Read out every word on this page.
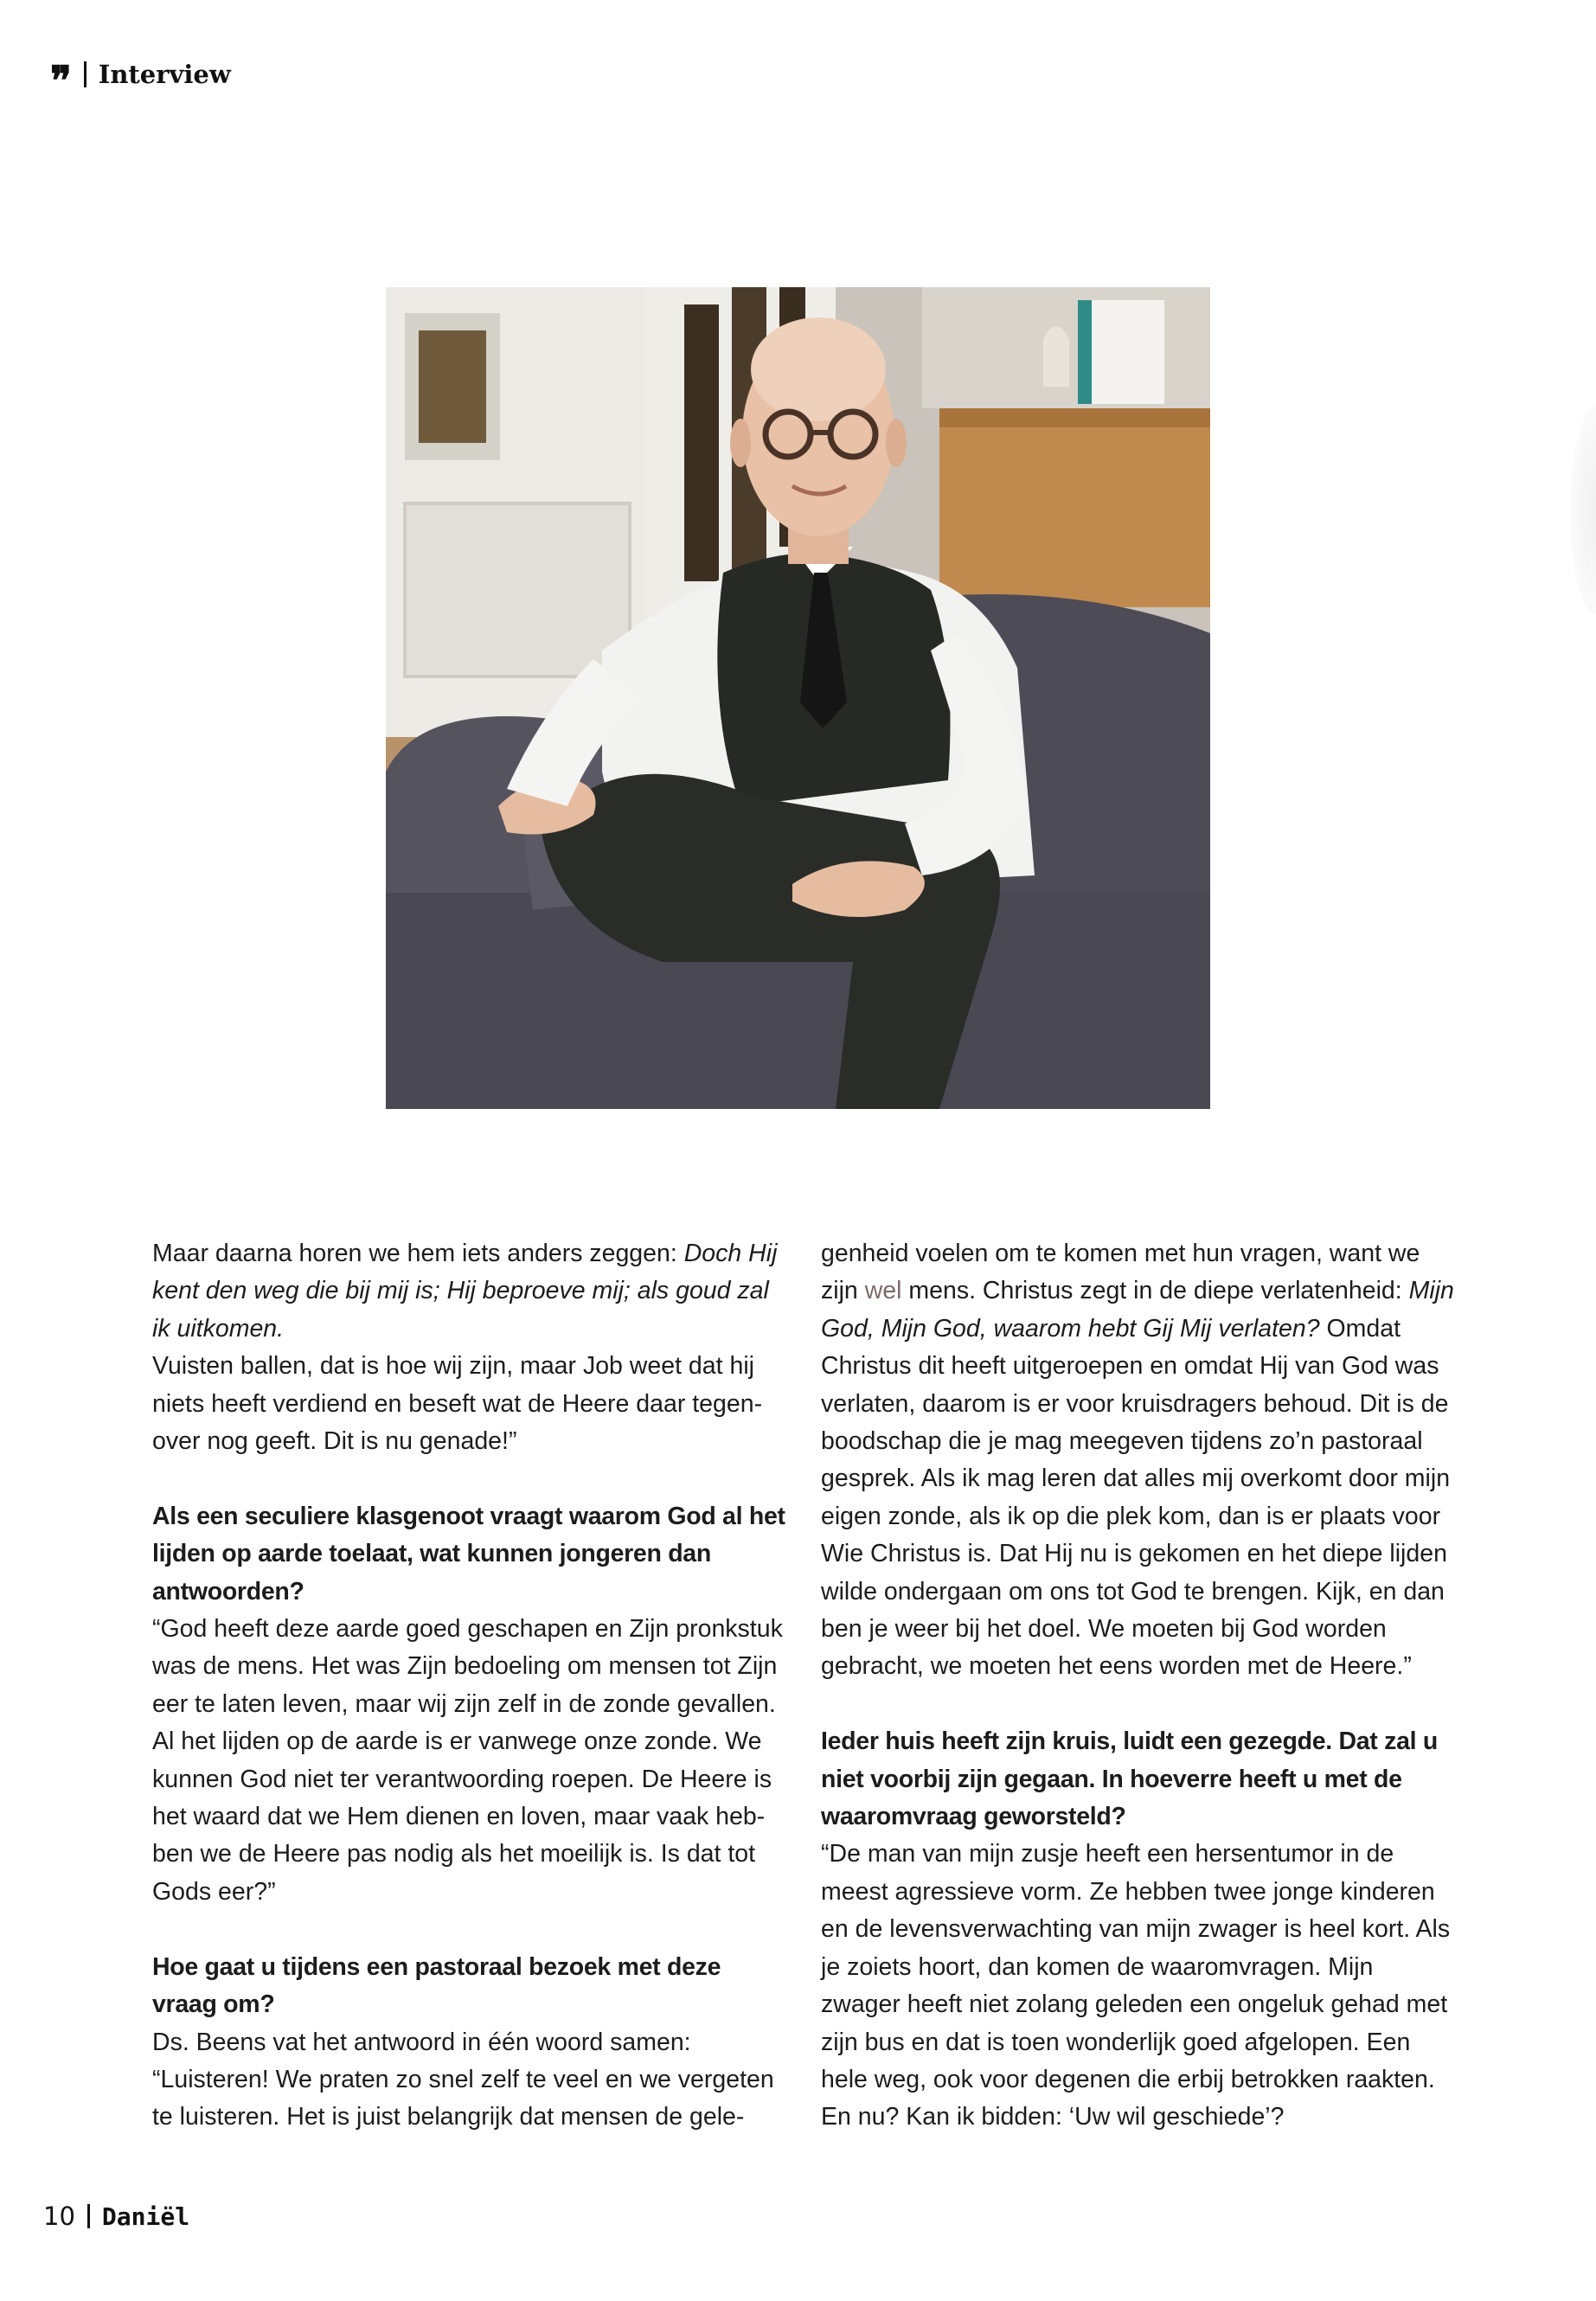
❞ Interview

Maar daarna horen we hem iets anders zeggen: Doch Hij kent den weg die bij mij is; Hij beproeve mij; als goud zal ik uitkomen.

Vuisten ballen, dat is hoe wij zijn, maar Job weet dat hij niets heeft verdiend en beseft wat de Heere daar tegenover nog geeft. Dit is nu genade!”

Als een seculiere klasgenoot vraagt waarom God al het lijden op aarde toelaat, wat kunnen jongeren dan antwoorden?

“God heeft deze aarde goed geschapen en Zijn pronkstuk was de mens. Het was Zijn bedoeling om mensen tot Zijn eer te laten leven, maar wij zijn zelf in de zonde gevallen. Al het lijden op de aarde is er vanwege onze zonde. We kunnen God niet ter verantwoording roepen. De Heere is het waard dat we Hem dienen en loven, maar vaak hebben we de Heere pas nodig als het moeilijk is. Is dat tot Gods eer?”

Hoe gaat u tijdens een pastoraal bezoek met deze vraag om?

Ds. Beens vat het antwoord in één woord samen:

“Luisteren! We praten zo snel zelf te veel en we vergeten te luisteren. Het is juist belangrijk dat mensen de gele-

genheid voelen om te komen met hun vragen, want we zijn wel mens. Christus zegt in de diepe verlatenheid: Mijn God, Mijn God, waarom hebt Gij Mij verlaten? Omdat Christus dit heeft uitgeroepen en omdat Hij van God was verlaten, daarom is er voor kruisdragers behoud. Dit is de boodschap die je mag meegeven tijdens zo’n pastoraal gesprek. Als ik mag leren dat alles mij overkomt door mijn eigen zonde, als ik op die plek kom, dan is er plaats voor Wie Christus is. Dat Hij nu is gekomen en het diepe lijden wilde ondergaan om ons tot God te brengen. Kijk, en dan ben je weer bij het doel. We moeten bij God worden gebracht, we moeten het eens worden met de Heere.”

Ieder huis heeft zijn kruis, luidt een gezegde. Dat zal u niet voorbij zijn gegaan. In hoeverre heeft u met de waaromvraag geworsteld?

“De man van mijn zusje heeft een hersentumor in de meest agressieve vorm. Ze hebben twee jonge kinderen en de levensverwachting van mijn zwager is heel kort. Als je zoiets hoort, dan komen de waaromvragen. Mijn zwager heeft niet zolang geleden een ongeluk gehad met zijn bus en dat is toen wonderlijk goed afgelopen. Een hele weg, ook voor degenen die erbij betrokken raakten. En nu? Kan ik bidden: ‘Uw wil geschiede’?

10 Daniël
